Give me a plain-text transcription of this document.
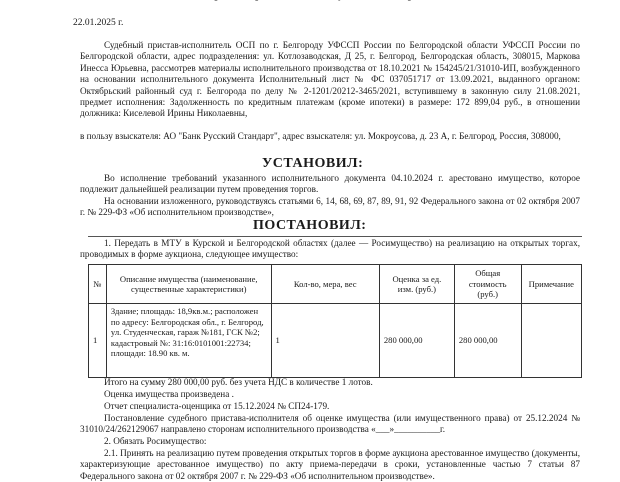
22.01.2025 г.
Судебный пристав-исполнитель ОСП по г. Белгороду УФССП России по Белгородской области УФССП России по Белгородской области, адрес подразделения: ул. Котлозаводская, Д 25, г. Белгород, Белгородская область, 308015, Маркова Инесса Юрьевна, рассмотрев материалы исполнительного производства от 18.10.2021 № 154245/21/31010-ИП, возбужденного на основании исполнительного документа Исполнительный лист № ФС 037051717 от 13.09.2021, выданного органом: Октябрьский районный суд г. Белгорода по делу № 2-1201/20212-3465/2021, вступившему в законную силу 21.08.2021, предмет исполнения: Задолженность по кредитным платежам (кроме ипотеки) в размере: 172 899,04 руб., в отношении должника: Киселевой Ирины Николаевны,
в пользу взыскателя: АО "Банк Русский Стандарт", адрес взыскателя: ул. Мокроусова, д. 23 А, г. Белгород, Россия, 308000,
УСТАНОВИЛ:
Во исполнение требований указанного исполнительного документа 04.10.2024 г. арестовано имущество, которое подлежит дальнейшей реализации путем проведения торгов.
На основании изложенного, руководствуясь статьями 6, 14, 68, 69, 87, 89, 91, 92 Федерального закона от 02 октября 2007 г. № 229-ФЗ «Об исполнительном производстве»,
ПОСТАНОВИЛ:
1. Передать в МТУ в Курской и Белгородской областях (далее — Росимущество) на реализацию на открытых торгах, проводимых в форме аукциона, следующее имущество:
№	Описание имущества (наименование, существенные характеристики)	Кол-во, мера, вес	Оценка за ед. изм. (руб.)	Общая стоимость (руб.)	Примечание
1	Здание; площадь: 18,9кв.м.; расположен по адресу: Белгородская обл., г. Белгород, ул. Студенческая, гараж №181, ГСК №2; кадастровый №: 31:16:0101001:22734; площади: 18.90 кв. м.	1	280 000,00	280 000,00	
Итого на сумму 280 000,00 руб. без учета НДС в количестве 1 лотов.
Оценка имущества произведена .
Отчет специалиста-оценщика от 15.12.2024 № СП24-179.
Постановление судебного пристава-исполнителя об оценке имущества (или имущественного права) от 25.12.2024 № 31010/24/262129067 направлено сторонам исполнительного производства «___»__________г.
2. Обязать Росимущество:
2.1. Принять на реализацию путем проведения открытых торгов в форме аукциона арестованное имущество (документы, характеризующие арестованное имущество) по акту приема-передачи в сроки, установленные частью 7 статьи 87 Федерального закона от 02 октября 2007 г. № 229-ФЗ «Об исполнительном производстве».
